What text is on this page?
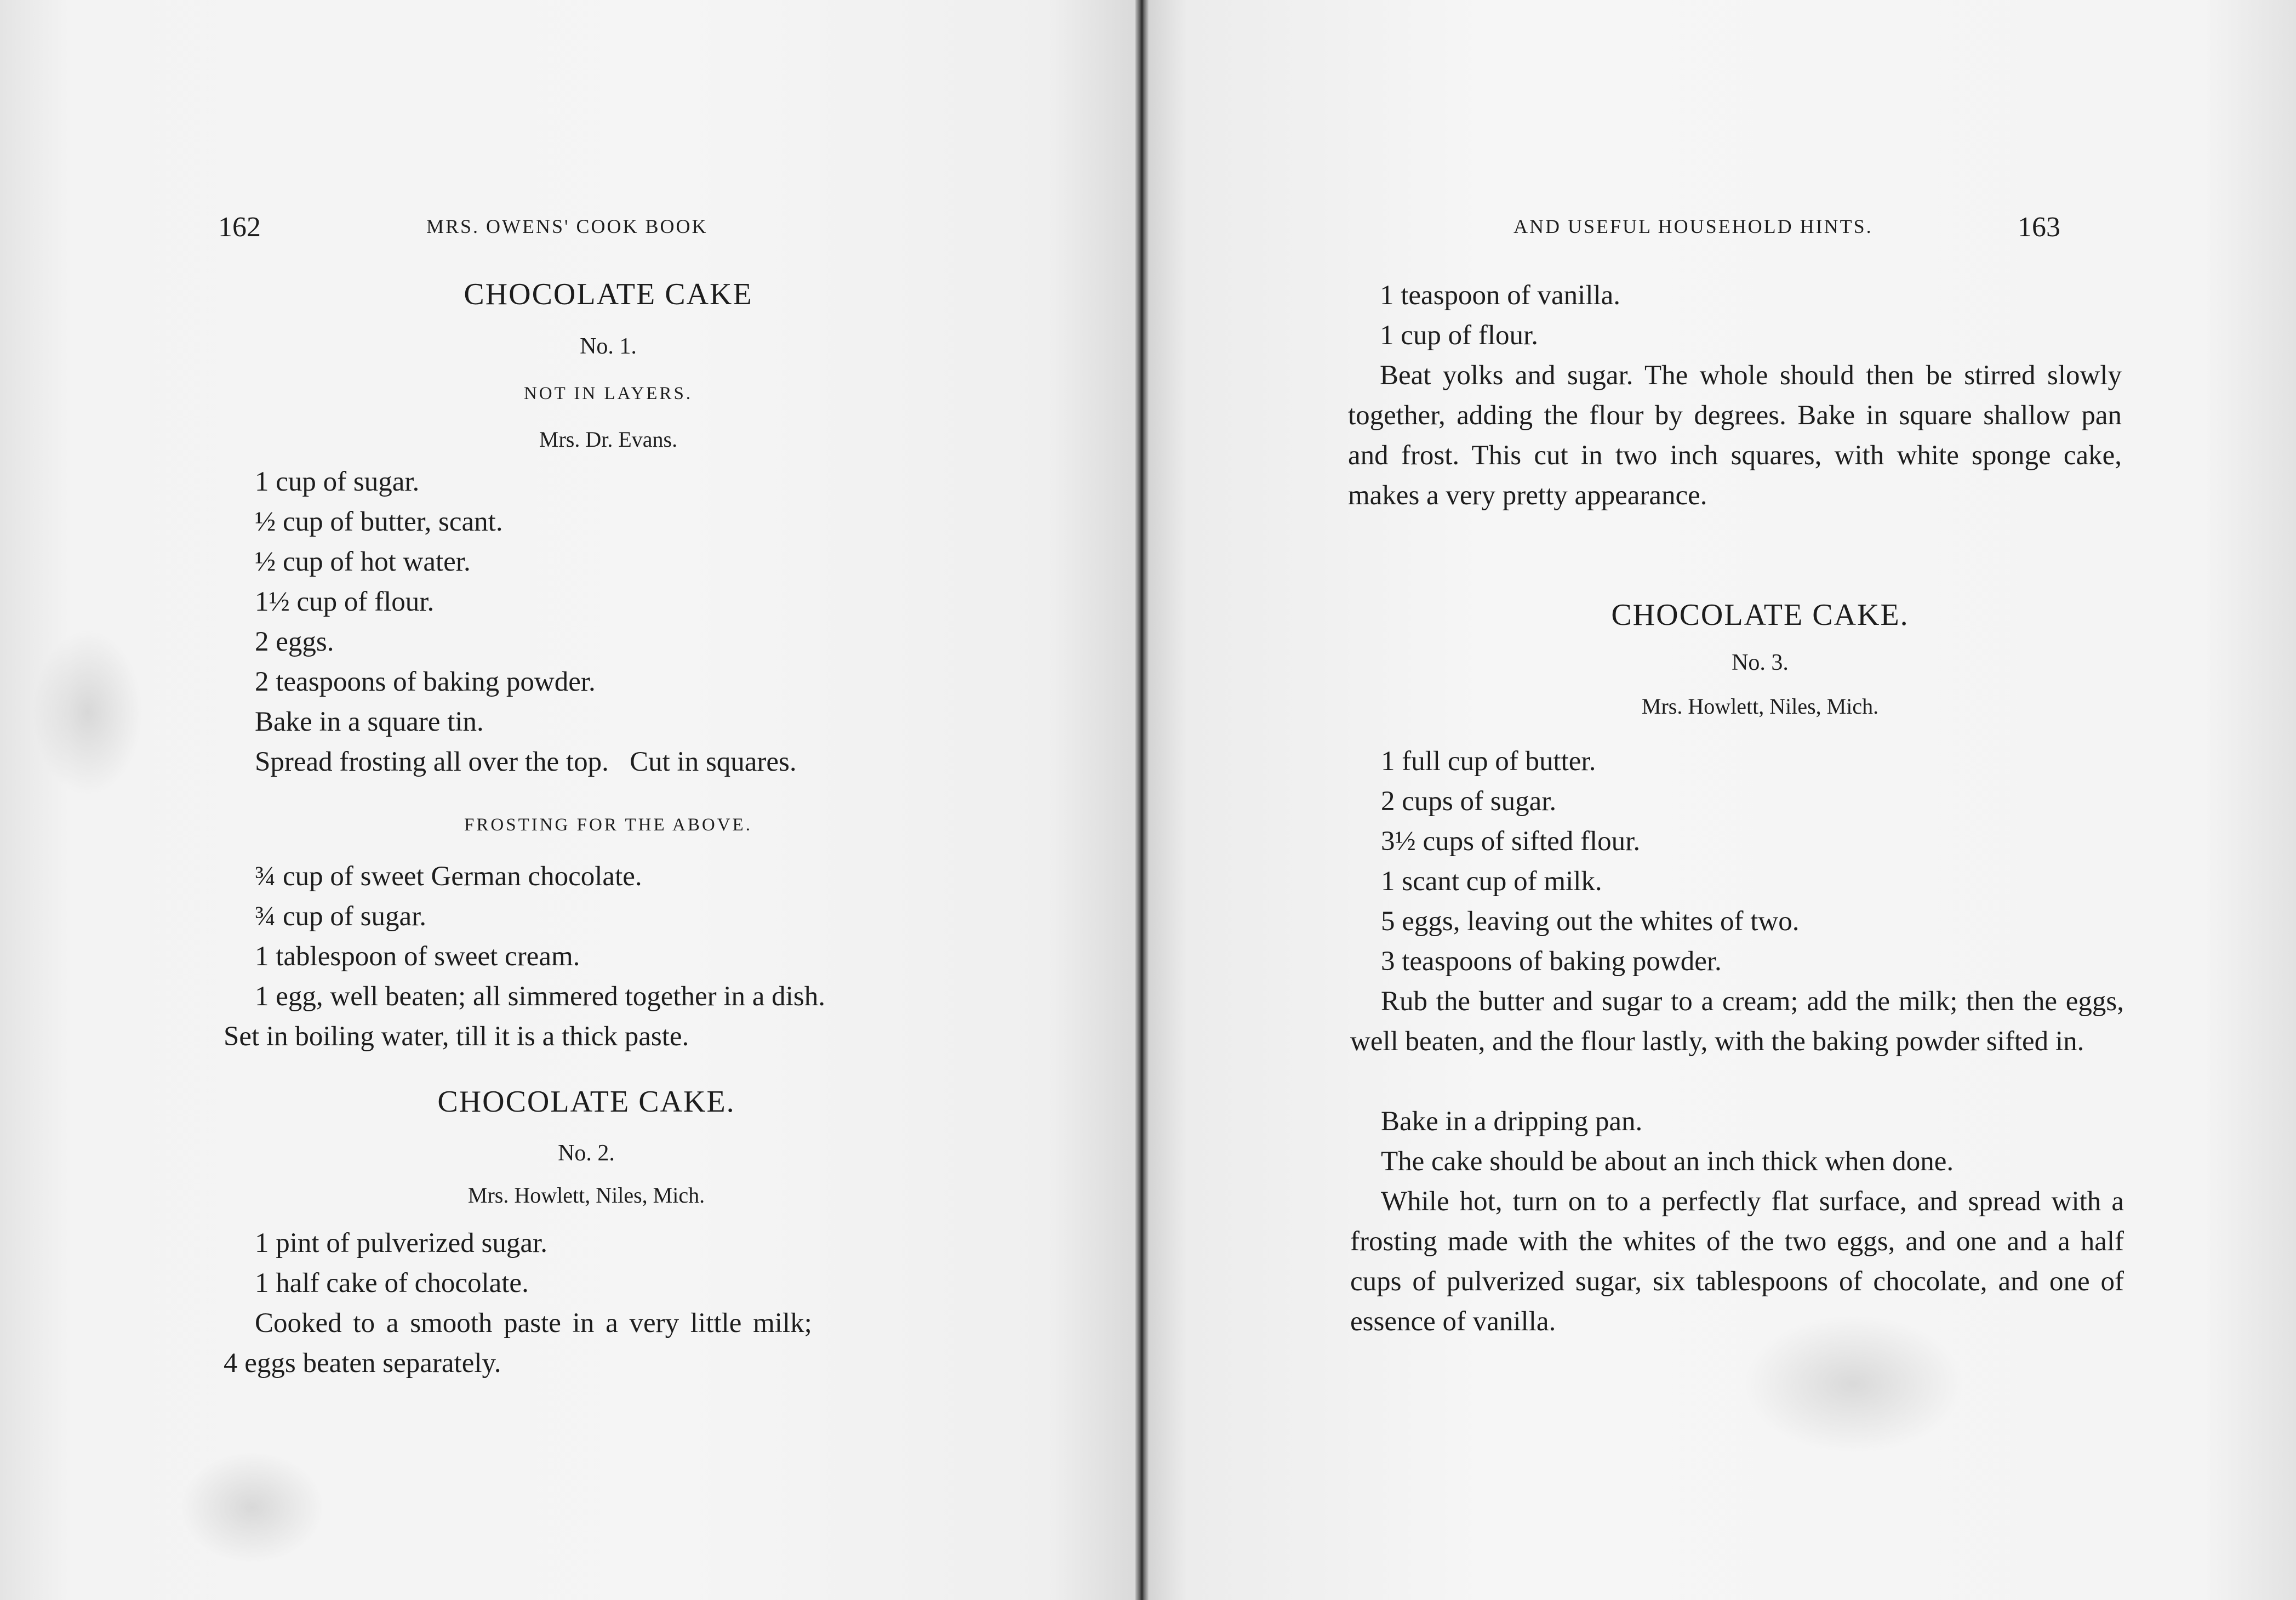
162	MRS. OWENS' COOK BOOK
CHOCOLATE CAKE
No. 1.
NOT IN LAYERS.
Mrs. Dr. Evans.
1 cup of sugar.
½ cup of butter, scant.
½ cup of hot water.
1½ cup of flour.
2 eggs.
2 teaspoons of baking powder.
Bake in a square tin.
Spread frosting all over the top.   Cut in squares.
FROSTING FOR THE ABOVE.
¾ cup of sweet German chocolate.
¾ cup of sugar.
1 tablespoon of sweet cream.
1 egg, well beaten; all simmered together in a dish.
Set in boiling water, till it is a thick paste.
CHOCOLATE CAKE.
No. 2.
Mrs. Howlett, Niles, Mich.
1 pint of pulverized sugar.
1 half cake of chocolate.
Cooked to a smooth paste in a very little milk;
4 eggs beaten separately.
AND USEFUL HOUSEHOLD HINTS.	163
1 teaspoon of vanilla.
1 cup of flour.
Beat yolks and sugar. The whole should then be stirred slowly together, adding the flour by degrees. Bake in square shallow pan and frost. This cut in two inch squares, with white sponge cake, makes a very pretty appearance.
CHOCOLATE CAKE.
No. 3.
Mrs. Howlett, Niles, Mich.
1 full cup of butter.
2 cups of sugar.
3½ cups of sifted flour.
1 scant cup of milk.
5 eggs, leaving out the whites of two.
3 teaspoons of baking powder.
Rub the butter and sugar to a cream; add the milk; then the eggs, well beaten, and the flour lastly, with the baking powder sifted in.
Bake in a dripping pan.
The cake should be about an inch thick when done.
While hot, turn on to a perfectly flat surface, and spread with a frosting made with the whites of the two eggs, and one and a half cups of pulverized sugar, six tablespoons of chocolate, and one of essence of vanilla.
